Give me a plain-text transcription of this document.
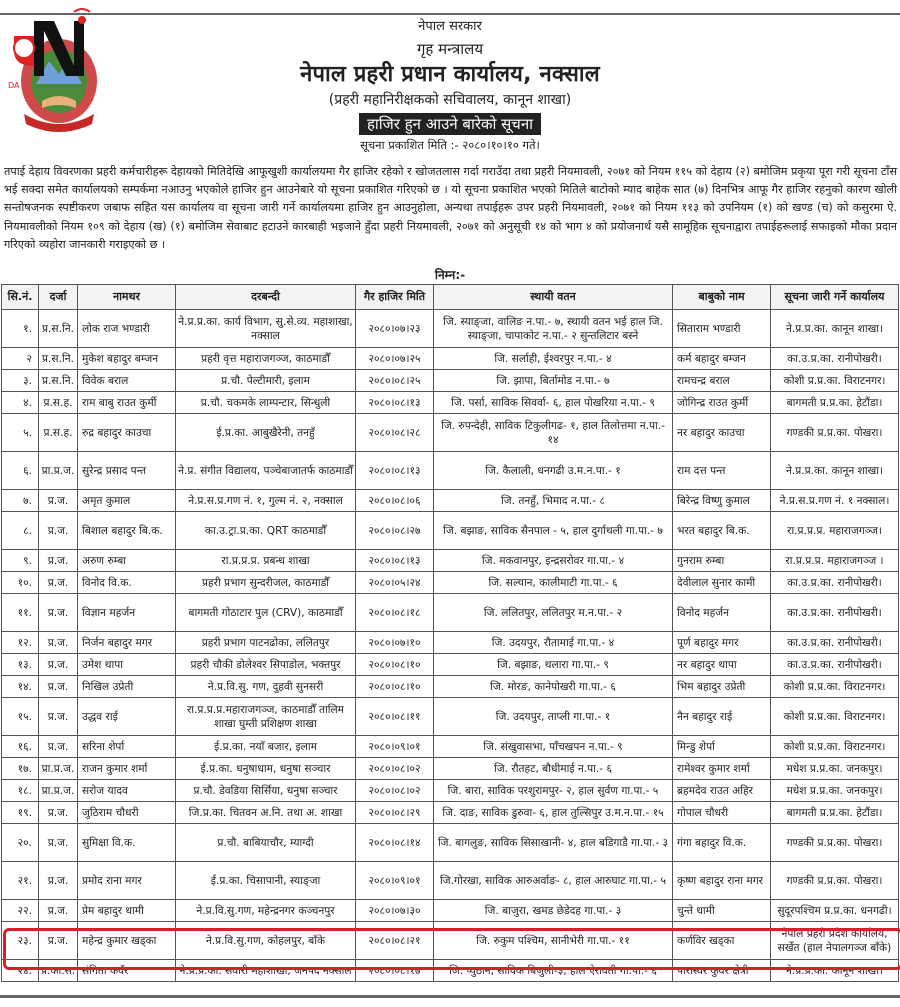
DA
नेपाल सरकार
गृह मन्त्रालय
नेपाल प्रहरी प्रधान कार्यालय, नक्साल
(प्रहरी महानिरीक्षकको सचिवालय, कानून शाखा)
हाजिर हुन आउने बारेको सूचना
सूचना प्रकाशित मिति :- २०८०।१०।१० गते।
तपाई देहाय विवरणका प्रहरी कर्मचारीहरू देहायको मितिदेखि आफूखुशी कार्यालयमा गैर हाजिर रहेको र खोजतलास गर्दा गराउँदा तथा प्रहरी नियमावली, २०७१ को नियम ११५ को देहाय (२) बमोजिम प्रकृया पूरा गरी सूचना टाँस भई सक्दा समेत कार्यालयको सम्पर्कमा नआउनु भएकोले हाजिर हुन आउनेबारे यो सूचना प्रकाशित गरिएको छ । यो सूचना प्रकाशित भएको मितिले बाटोको म्याद बाहेक सात (७) दिनभित्र आफू गैर हाजिर रहनुको कारण खोली सन्तोषजनक स्पष्टीकरण जबाफ सहित यस कार्यालय वा सूचना जारी गर्ने कार्यालयमा हाजिर हुन आउनुहोला, अन्यथा तपाईहरू उपर प्रहरी नियमावली, २०७१ को नियम ११३ को उपनियम (१) को खण्ड (च) को कसुरमा ऐ. नियमावलीको नियम १०९ को देहाय (ख) (१) बमोजिम सेवाबाट हटाउने कारबाही भइजाने हुँदा प्रहरी नियमावली, २०७१ को अनुसूची १४ को भाग ४ को प्रयोजनार्थ यसै सामूहिक सूचनाद्वारा तपाईहरूलाई सफाइको मौका प्रदान गरिएको व्यहोरा जानकारी गराइएको छ ।
निम्न:-
सि.नं.	दर्जा	नामथर	दरबन्दी	गैर हाजिर मिति	स्थायी वतन	बाबुको नाम	सूचना जारी गर्ने कार्यालय
१.	प्र.स.नि.	लोक राज भण्डारी	ने.प्र.प्र.का. कार्य विभाग, सु.से.व्य. महाशाखा, नक्साल	२०८०।०७।२३	जि. स्याङ्जा, वालिङ न.पा.- ७, स्थायी वतन भई हाल जि. स्याङ्जा, चापाकोट न.पा.- २ सुन्तलिटार बस्ने	सिताराम भण्डारी	ने.प्र.प्र.का. कानून शाखा।
२	प्र.स.नि.	मुकेश बहादुर बम्जन	प्रहरी वृत्त महाराजगञ्ज, काठमाडौँ	२०८०।०७।२५	जि. सर्लाही, ईश्वरपुर न.पा.- ४	कर्म बहादुर बम्जन	का.उ.प्र.का. रानीपोखरी।
३.	प्र.स.नि.	विवेक बराल	प्र.चौ. पेल्टीमारी, इलाम	२०८०।०८।२५	जि. झापा, बिर्तामोड न.पा.- ७	रामचन्द्र बराल	कोशी प्र.प्र.का. विराटनगर।
४.	प्र.स.ह.	राम बाबु राउत कुर्मी	प्र.चौ. चकमके लाम्पन्टार, सिन्धुली	२०८०।०८।१३	जि. पर्सा, साविक सिवर्वा- ६, हाल पोखरिया न.पा.- ९	जोगिन्द्र राउत कुर्मी	बागमती प्र.प्र.का. हेटौंडा।
५.	प्र.स.ह.	रुद्र बहादुर काउचा	ई.प्र.का. आबुखैरेनी, तनहुँ	२०८०।०८।२८	जि. रुपन्देही, साविक टिकुलीगढ- १, हाल तिलोत्तमा न.पा.- १४	नर बहादुर काउचा	गण्डकी प्र.प्र.का. पोखरा।
६.	प्रा.प्र.ज.	सुरेन्द्र प्रसाद पन्त	ने.प्र. संगीत विद्यालय, पञ्चेबाजातर्फ काठमाडौँ	२०८०।०८।१३	जि. कैलाली, धनगढी उ.म.न.पा.- १	राम दत्त पन्त	ने.प्र.प्र.का. कानून शाखा।
७.	प्र.ज.	अमृत कुमाल	ने.प्र.स.प्र.गण नं. १, गुल्म नं. २, नक्साल	२०८०।०८।०६	जि. तनहुँ, भिमाद न.पा.- ८	बिरेन्द्र विष्णु कुमाल	ने.प्र.स.प्र.गण नं. १ नक्साल।
८.	प्र.ज.	बिशाल बहादुर बि.क.	का.उ.ट्रा.प्र.का. QRT काठमाडौँ	२०८०।०८।२७	जि. बझाङ, साविक सैनपाल - ५, हाल दुर्गाथली गा.पा.- ७	भरत बहादुर बि.क.	रा.प्र.प्र.प्र. महाराजगञ्ज।
९.	प्र.ज.	अरुण रुम्बा	रा.प्र.प्र.प्र. प्रबन्ध शाखा	२०८०।०८।१३	जि. मकवानपुर, इन्द्रसरोवर गा.पा.- ४	गुनराम रुम्बा	रा.प्र.प्र.प्र. महाराजगञ्ज ।
१०.	प्र.ज.	विनोद वि.क.	प्रहरी प्रभाग सुन्दरीजल, काठमाडौँ	२०८०।०५।२४	जि. सल्यान, कालीमाटी गा.पा.- ६	देवीलाल सुनार कामी	का.उ.प्र.का. रानीपोखरी।
११.	प्र.ज.	विज्ञान महर्जन	बागमती गोठाटार पुल (CRV), काठमाडौँ	२०८०।०८।१८	जि. ललितपुर, ललितपुर म.न.पा.- २	विनोद महर्जन	का.उ.प्र.का. रानीपोखरी।
१२.	प्र.ज.	निर्जन बहादुर मगर	प्रहरी प्रभाग पाटनढोका, ललितपुर	२०८०।०७।१०	जि. उदयपुर, रौतामाई गा.पा.- ४	पूर्ण बहादुर मगर	का.उ.प्र.का. रानीपोखरी।
१३.	प्र.ज.	उमेश थापा	प्रहरी चौकी डोलेश्वर सिपाडोल, भक्तपुर	२०८०।०८।१०	जि. बझाङ, थलारा गा.पा.- ९	नर बहादुर थापा	का.उ.प्र.का. रानीपोखरी।
१४.	प्र.ज.	निखिल उप्रेती	ने.प्र.वि.सु. गण, दुहवी सुनसरी	२०८०।०८।१०	जि. मोरङ, कानेपोखरी गा.पा.- ६	भिम बहादुर उप्रेती	कोशी प्र.प्र.का. विराटनगर।
१५.	प्र.ज.	उद्धव राई	रा.प्र.प्र.प्र.महाराजगञ्ज, काठमाडौँ तालिम शाखा घुम्ती प्रशिक्षण शाखा	२०८०।०८।११	जि. उदयपुर, ताप्ली गा.पा.- १	नैन बहादुर राई	कोशी प्र.प्र.का. विराटनगर।
१६.	प्र.ज.	सरिना शेर्पा	ई.प्र.का. नयाँ बजार, इलाम	२०८०।०९।०१	जि. संखुवासभा, पाँचखपन न.पा.- ९	मिन्डु शेर्पा	कोशी प्र.प्र.का. विराटनगर।
१७.	प्रा.प्र.ज.	राजन कुमार शर्मा	ई.प्र.का. धनुषाधाम, धनुषा सञ्चार	२०८०।०८।०२	जि. रौतहट, बौधीमाई न.पा.- ६	रामेश्वर कुमार शर्मा	मधेश प्र.प्र.का. जनकपुर।
१८.	प्रा.प्र.ज.	सरोज यादव	प्र.चौ. डेवडिया सिर्सिया, धनुषा सञ्चार	२०८०।०८।०२	जि. बारा, साविक परशुरामपुर- २, हाल सुर्वण गा.पा.- ५	ब्रहमदेव राउत अहिर	मधेश प्र.प्र.का. जनकपुर।
१९.	प्र.ज.	जुठिराम चौधरी	जि.प्र.का. चितवन अ.नि. तथा अ. शाखा	२०८०।०८।२९	जि. दाङ, साविक डुरुवा- ६, हाल तुल्सिपुर उ.म.न.पा.- १५	गोपाल चौधरी	बागमती प्र.प्र.का. हेटौंडा।
२०.	प्र.ज.	सुमिक्षा वि.क.	प्र.चौ. बाबियाचौर, म्याग्दी	२०८०।०८।१४	जि. बागलुङ, साविक सिसाखानी- ४, हाल बडिगाडै गा.पा.- ३	गंगा बहादुर वि.क.	गण्डकी प्र.प्र.का. पोखरा।
२१.	प्र.ज.	प्रमोद राना मगर	ई.प्र.का. चिसापानी, स्याङ्जा	२०८०।०९।०१	जि.गोरखा, साविक आरुअर्वाङ- ८, हाल आरुघाट गा.पा.- ५	कृष्ण बहादुर राना मगर	गण्डकी प्र.प्र.का. पोखरा।
२२.	प्र.ज.	प्रेम बहादुर धामी	ने.प्र.वि.सु.गण, महेन्द्रनगर कञ्चनपुर	२०८०।०७।३०	जि. बाजुरा, खमड छेडेदह गा.पा.- ३	चुन्ते धामी	सुदूरपश्चिम प्र.प्र.का. धनगढी।
२३.	प्र.ज.	महेन्द्र कुमार खड्का	ने.प्र.वि.सु.गण, कोहलपुर, बाँके	२०८०।०८।२१	जि. रुकुम पश्चिम, सानीभेरी गा.पा.- ११	कर्णविर खड्का	नेपाल प्रहरी प्रदेश कार्यालय, सर्खेत (हाल नेपालगञ्ज बाँके)
२४.	प्र.का.स.	संगिता कवँर	ने.प्र.प्र.का. सवारी महाशाखा, जनपद नक्साल	२०८०।०८।१७	जि. प्युठान, साविक बिजुली-३, हाल ऐरावती गा.पा.- ६	पारास्वर कुवर क्षेत्री	ने.प्र.प्र.का. कानून शाखा।
